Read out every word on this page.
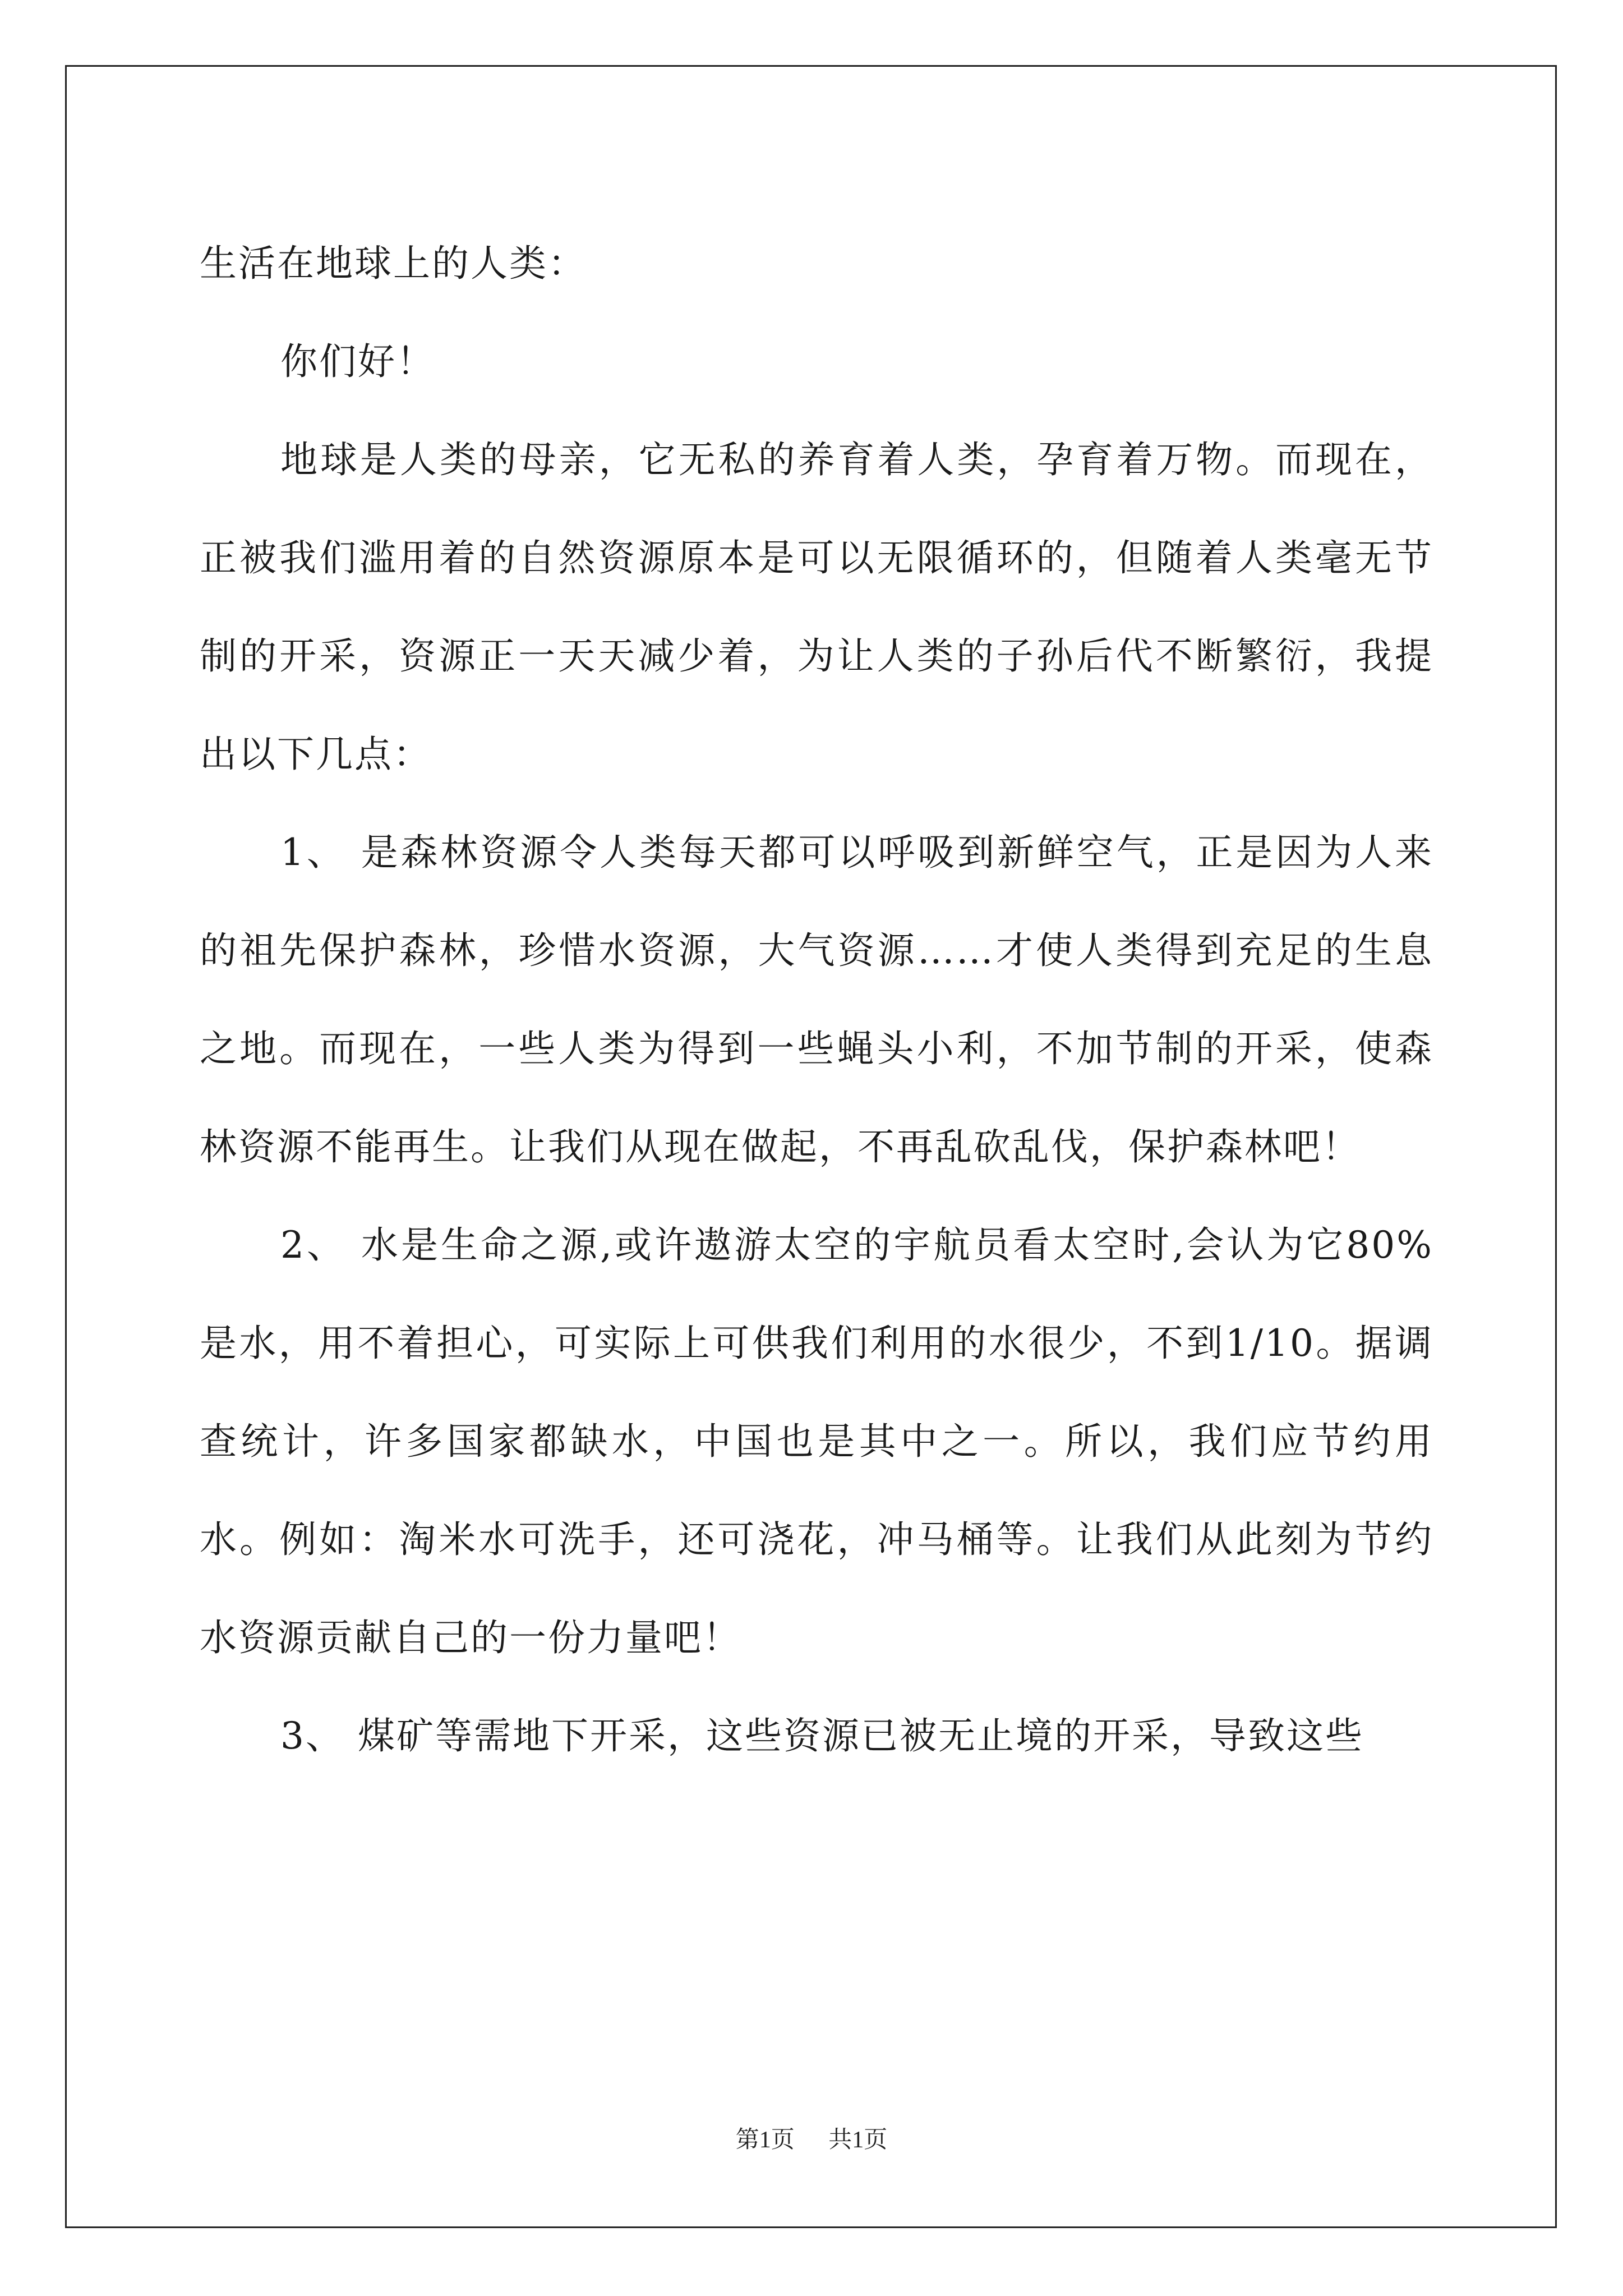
生活在地球上的人类：

你们好！

地球是人类的母亲，它无私的养育着人类，孕育着万物。而现在，正被我们滥用着的自然资源原本是可以无限循环的，但随着人类毫无节制的开采，资源正一天天减少着，为让人类的子孙后代不断繁衍，我提出以下几点：

1、 是森林资源令人类每天都可以呼吸到新鲜空气，正是因为人来的祖先保护森林，珍惜水资源，大气资源……才使人类得到充足的生息之地。而现在，一些人类为得到一些蝇头小利，不加节制的开采，使森林资源不能再生。让我们从现在做起，不再乱砍乱伐，保护森林吧！

2、 水是生命之源,或许遨游太空的宇航员看太空时,会认为它80%是水，用不着担心，可实际上可供我们利用的水很少，不到1/10。据调查统计，许多国家都缺水，中国也是其中之一。所以，我们应节约用水。例如：淘米水可洗手，还可浇花，冲马桶等。让我们从此刻为节约水资源贡献自己的一份力量吧！

3、 煤矿等需地下开采，这些资源已被无止境的开采，导致这些

第1页 共1页
